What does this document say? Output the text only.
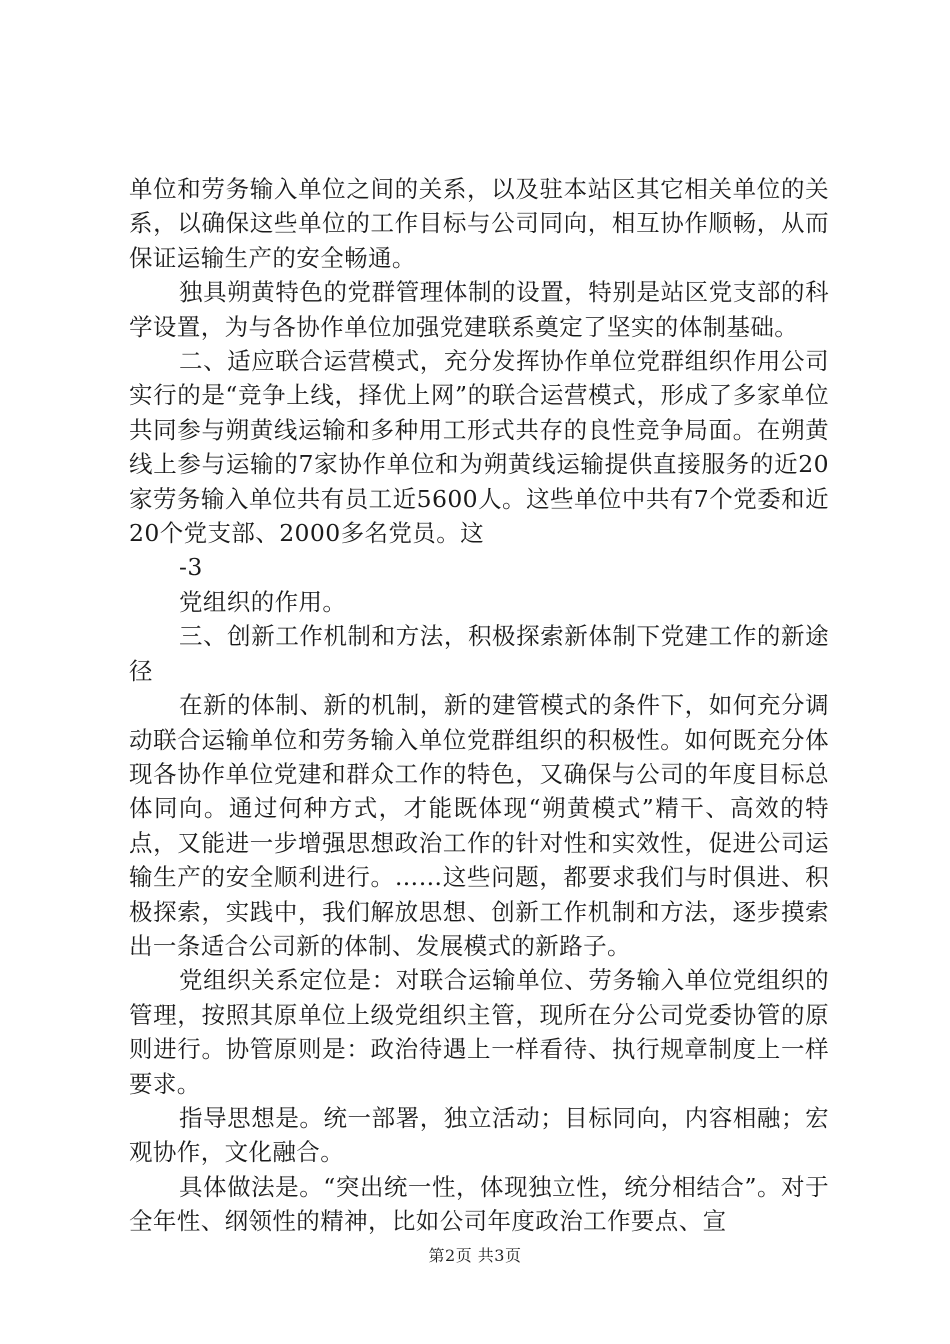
单位和劳务输入单位之间的关系，以及驻本站区其它相关单位的关系，以确保这些单位的工作目标与公司同向，相互协作顺畅，从而保证运输生产的安全畅通。

独具朔黄特色的党群管理体制的设置，特别是站区党支部的科学设置，为与各协作单位加强党建联系奠定了坚实的体制基础。

二、适应联合运营模式，充分发挥协作单位党群组织作用公司实行的是“竞争上线，择优上网”的联合运营模式，形成了多家单位共同参与朔黄线运输和多种用工形式共存的良性竞争局面。在朔黄线上参与运输的7家协作单位和为朔黄线运输提供直接服务的近20家劳务输入单位共有员工近5600人。这些单位中共有7个党委和近20个党支部、2000多名党员。这

-3

党组织的作用。

三、创新工作机制和方法，积极探索新体制下党建工作的新途径

在新的体制、新的机制，新的建管模式的条件下，如何充分调动联合运输单位和劳务输入单位党群组织的积极性。如何既充分体现各协作单位党建和群众工作的特色，又确保与公司的年度目标总体同向。通过何种方式，才能既体现“朔黄模式”精干、高效的特点，又能进一步增强思想政治工作的针对性和实效性，促进公司运输生产的安全顺利进行。……这些问题，都要求我们与时俱进、积极探索，实践中，我们解放思想、创新工作机制和方法，逐步摸索出一条适合公司新的体制、发展模式的新路子。

党组织关系定位是：对联合运输单位、劳务输入单位党组织的管理，按照其原单位上级党组织主管，现所在分公司党委协管的原则进行。协管原则是：政治待遇上一样看待、执行规章制度上一样要求。

指导思想是。统一部署，独立活动；目标同向，内容相融；宏观协作，文化融合。

具体做法是。“突出统一性，体现独立性，统分相结合”。对于全年性、纲领性的精神，比如公司年度政治工作要点、宣

第2页 共3页
